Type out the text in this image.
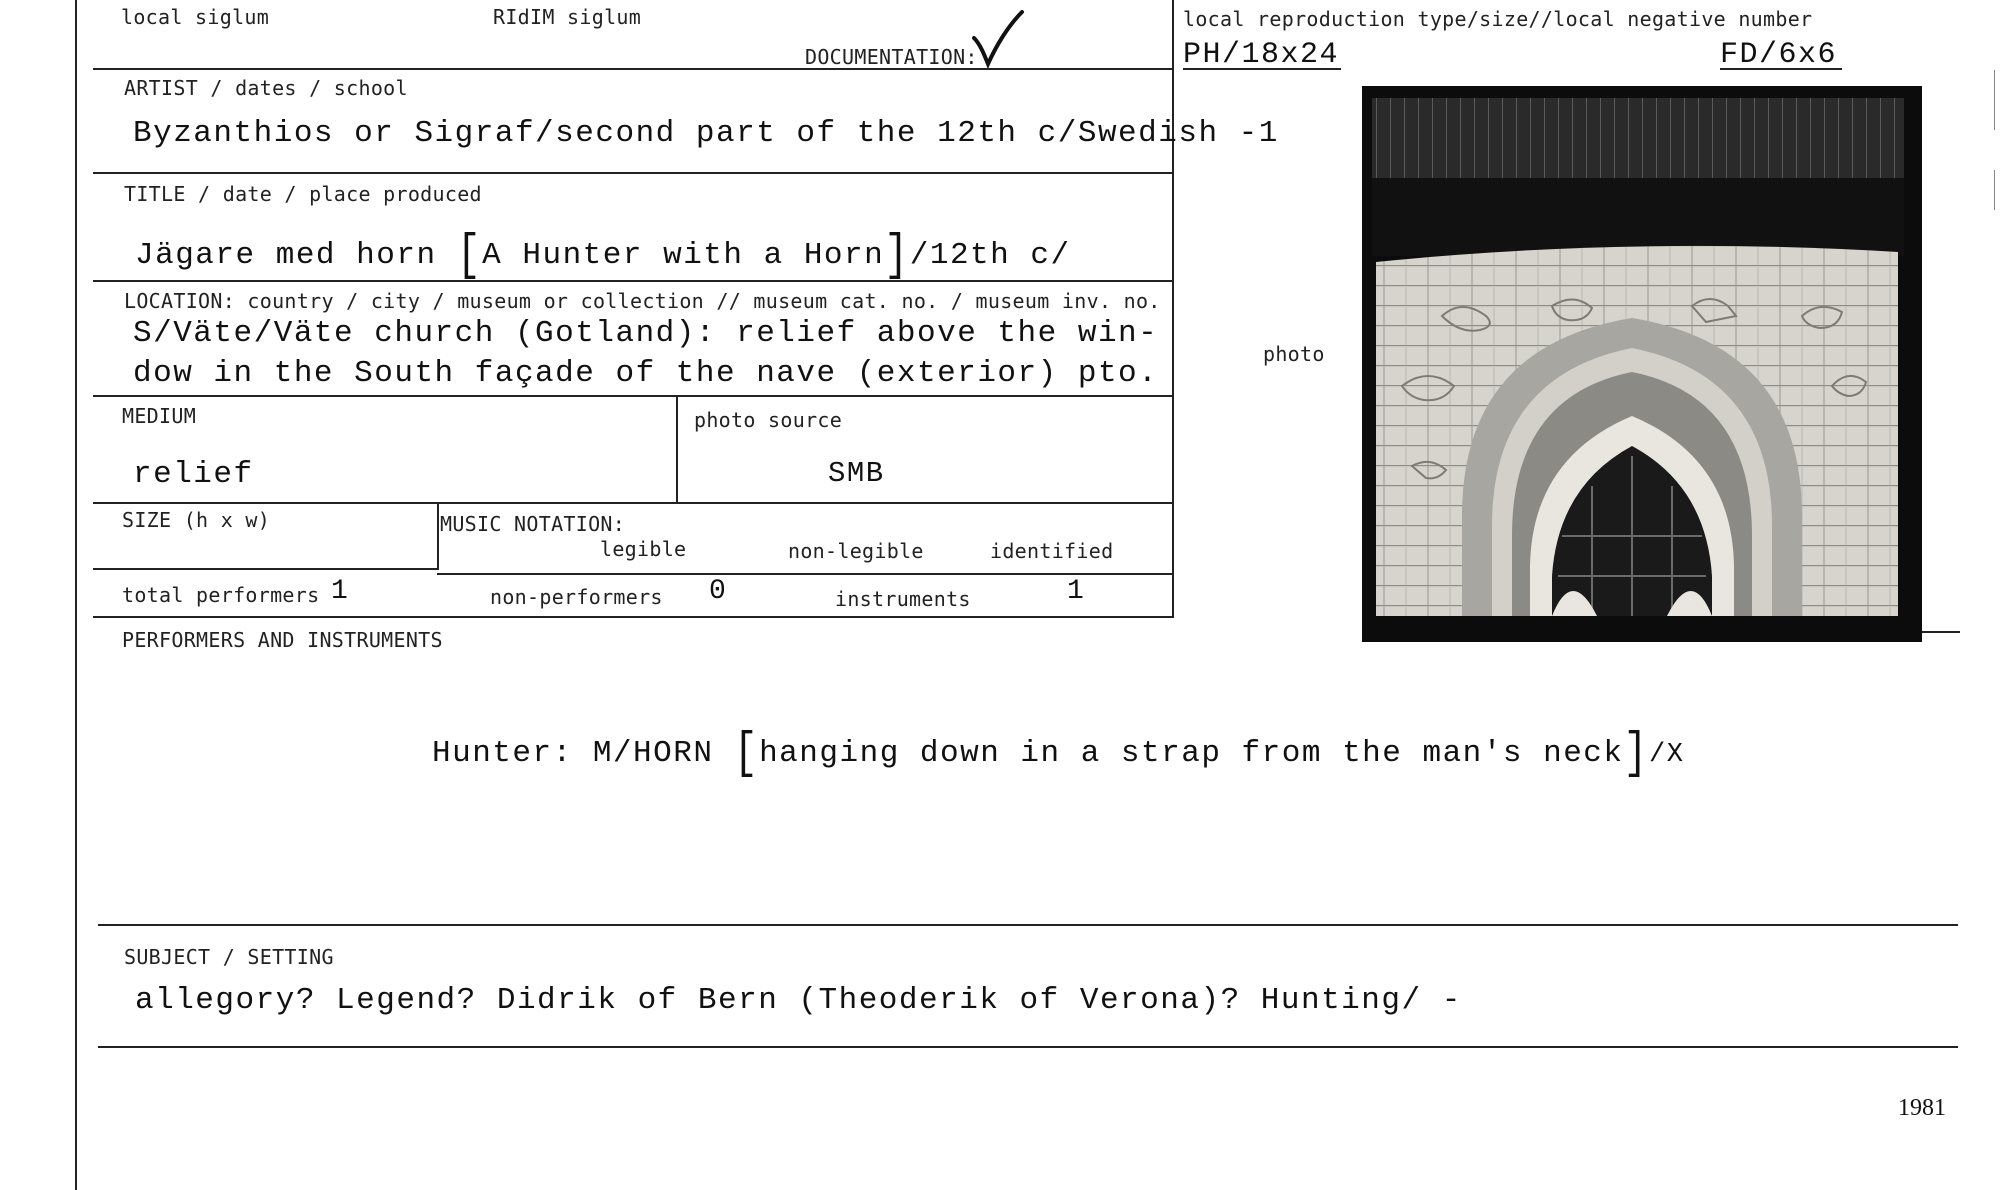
local siglum	RIdIM siglum
DOCUMENTATION:
local reproduction type/size//local negative number
PH/18x24	FD/6x6
ARTIST / dates / school
Byzanthios or Sigraf/second part of the 12th c/Swedish -1
TITLE / date / place produced
Jägare med horn [A Hunter with a Horn]/12th c/
LOCATION: country / city / museum or collection // museum cat. no. / museum inv. no.
S/Väte/Väte church (Gotland): relief above the win-
dow in the South façade of the nave (exterior) pto.
MEDIUM
relief
photo source
SMB
SIZE (h x w)	MUSIC NOTATION:
legible	non-legible	identified
total performers 1	non-performers 0	instruments	1
photo
PERFORMERS AND INSTRUMENTS
Hunter: M/HORN [hanging down in a strap from the man's neck]/X
SUBJECT / SETTING
allegory? Legend? Didrik of Bern (Theoderik of Verona)? Hunting/ -
1981
